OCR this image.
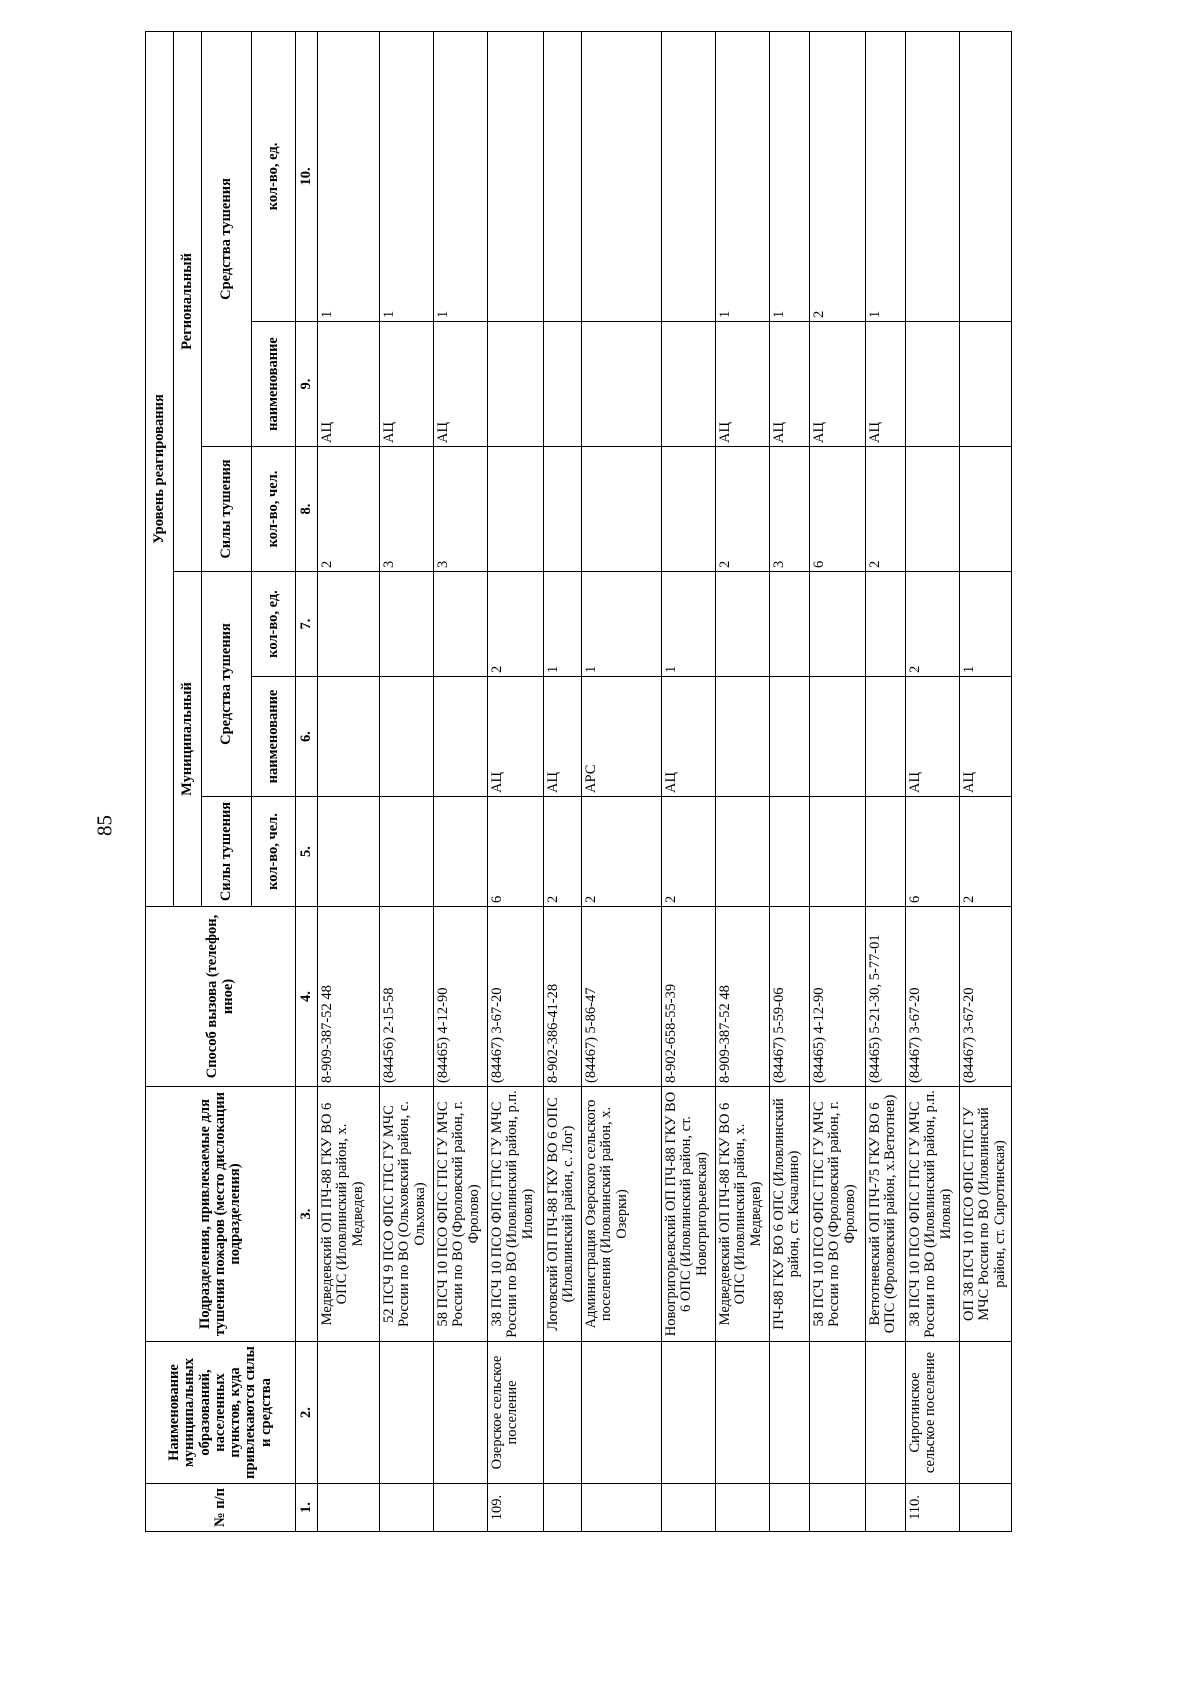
85
№ п/п	Наименование муниципальных образований, населенных пунктов, куда привлекаются силы и средства	Подразделения, привлекаемые для тушения пожаров (место дислокации подразделения)	Способ вызова (телефон, иное)	Уровень реагирования					
				Муниципальный			Региональный		
				Силы тушения	Средства тушения		Силы тушения	Средства тушения	
				кол-во, чел.	наименование	кол-во, ед.	кол-во, чел.	наименование	кол-во, ед.
1.	2.	3.	4.	5.	6.	7.	8.	9.	10.
		Медведевский ОП ПЧ-88 ГКУ ВО 6 ОПС (Иловлинский район, х. Медведев)	8-909-387-52 48				2	АЦ	1
		52 ПСЧ 9 ПСО ФПС ГПС ГУ МЧС России по ВО (Ольховский район, с. Ольховка)	(84456) 2-15-58				3	АЦ	1
		58 ПСЧ 10 ПСО ФПС ГПС ГУ МЧС России по ВО (Фроловский район, г. Фролово)	(84465) 4-12-90				3	АЦ	1
109.	Озерское сельское поселение	38 ПСЧ 10 ПСО ФПС ГПС ГУ МЧС России по ВО (Иловлинский район, р.п. Иловля)	(84467) 3-67-20	6	АЦ	2			
		Логовский ОП ПЧ-88 ГКУ ВО 6 ОПС (Иловлинский район, с. Лог)	8-902-386-41-28	2	АЦ	1			
		Администрация Озерского сельского поселения (Иловлинский район, х. Озерки)	(84467) 5-86-47	2	АРС	1			
		Новогригорьевский ОП ПЧ-88 ГКУ ВО 6 ОПС (Иловлинский район, ст. Новогригорьевская)	8-902-658-55-39	2	АЦ	1			
		Медведевский ОП ПЧ-88 ГКУ ВО 6 ОПС (Иловлинский район, х. Медведев)	8-909-387-52 48				2	АЦ	1
		ПЧ-88 ГКУ ВО 6 ОПС (Иловлинский район, ст. Качалино)	(84467) 5-59-06				3	АЦ	1
		58 ПСЧ 10 ПСО ФПС ГПС ГУ МЧС России по ВО (Фроловский район, г. Фролово)	(84465) 4-12-90				6	АЦ	2
		Ветютневский ОП ПЧ-75 ГКУ ВО 6 ОПС (Фроловский район, х.Ветютнев)	(84465) 5-21-30, 5-77-01				2	АЦ	1
110.	Сиротинское сельское поселение	38 ПСЧ 10 ПСО ФПС ГПС ГУ МЧС России по ВО (Иловлинский район, р.п. Иловля)	(84467) 3-67-20	6	АЦ	2			
		ОП 38 ПСЧ 10 ПСО ФПС ГПС ГУ МЧС России по ВО (Иловлинский район, ст. Сиротинская)	(84467) 3-67-20	2	АЦ	1			
